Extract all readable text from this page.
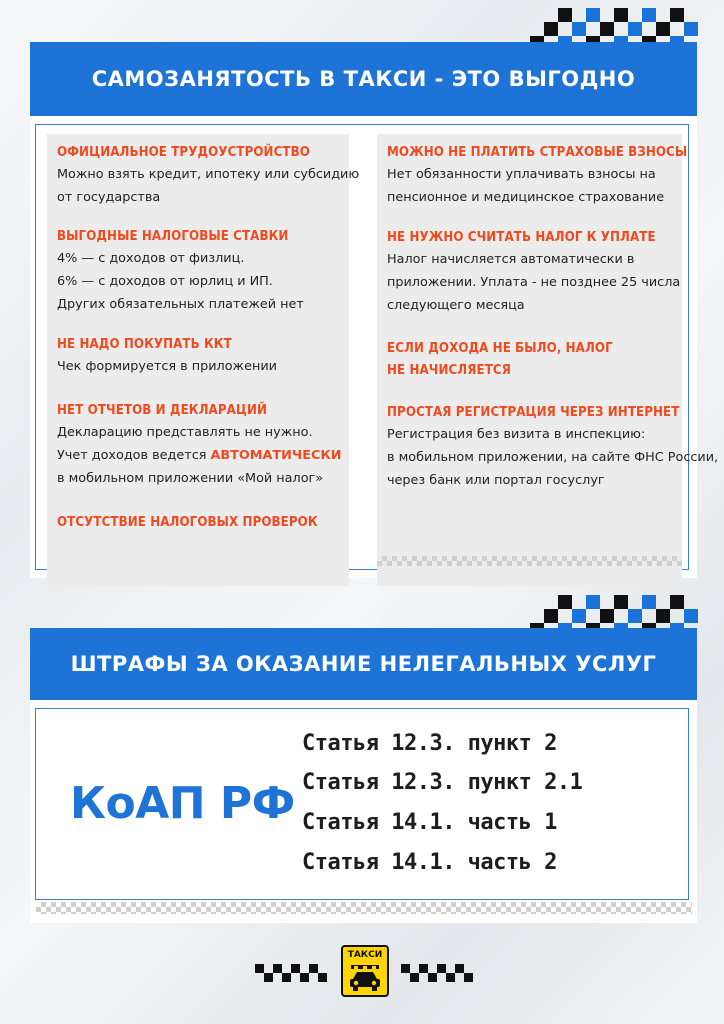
САМОЗАНЯТОСТЬ В ТАКСИ - ЭТО ВЫГОДНО

ОФИЦИАЛЬНОЕ ТРУДОУСТРОЙСТВО

Можно взять кредит, ипотеку или субсидию

от государства

ВЫГОДНЫЕ НАЛОГОВЫЕ СТАВКИ

4% — с доходов от физлиц.

6% — с доходов от юрлиц и ИП.

Других обязательных платежей нет

НЕ НАДО ПОКУПАТЬ ККТ

Чек формируется в приложении

НЕТ ОТЧЕТОВ И ДЕКЛАРАЦИЙ

Декларацию представлять не нужно.

Учет доходов ведется АВТОМАТИЧЕСКИ

в мобильном приложении «Мой налог»

ОТСУТСТВИЕ НАЛОГОВЫХ ПРОВЕРОК

МОЖНО НЕ ПЛАТИТЬ СТРАХОВЫЕ ВЗНОСЫ

Нет обязанности уплачивать взносы на

пенсионное и медицинское страхование

НЕ НУЖНО СЧИТАТЬ НАЛОГ К УПЛАТЕ

Налог начисляется автоматически в

приложении. Уплата - не позднее 25 числа

следующего месяца

ЕСЛИ ДОХОДА НЕ БЫЛО, НАЛОГ

НЕ НАЧИСЛЯЕТСЯ

ПРОСТАЯ РЕГИСТРАЦИЯ ЧЕРЕЗ ИНТЕРНЕТ

Регистрация без визита в инспекцию:

в мобильном приложении, на сайте ФНС России,

через банк или портал госуслуг

ШТРАФЫ ЗА ОКАЗАНИЕ НЕЛЕГАЛЬНЫХ УСЛУГ
КоАП РФ
Статья 12.3. пункт 2
Статья 12.3. пункт 2.1
Статья 14.1. часть 1
Статья 14.1. часть 2
ТАКСИ
